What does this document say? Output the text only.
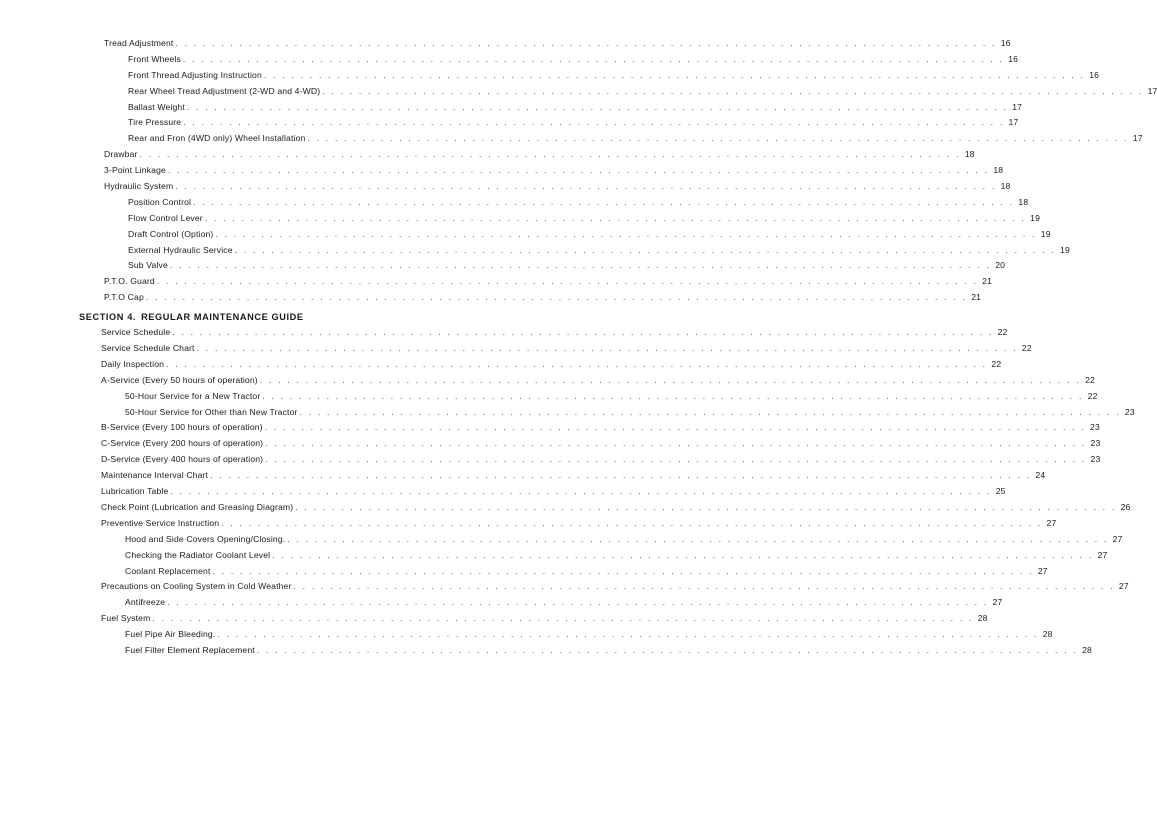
Tread Adjustment . . . . . . . . . . . . . . . . . . . . . . . . . . . . . . . . . . . . . . . . . . . . . . . . . . . . . . . . . . . . . . . . . . . . . . . . . . . . . . . . . . . . . . . . . . 16
Front Wheels . . . . . . . . . . . . . . . . . . . . . . . . . . . . . . . . . . . . . . . . . . . . . . . . . . . . . . . . . . . . . . . . . . . . . . . . . . . . . . . . . . . . . . . . . . 16
Front Thread Adjusting Instruction . . . . . . . . . . . . . . . . . . . . . . . . . . . . . . . . . . . . . . . . . . . . . . . . . . . . . . . . . . . . . . . . . . . . . . . . . . . . . . . . . . . . . . . . . . 16
Rear Wheel Tread Adjustment (2-WD and 4-WD) . . . . . . . . . . . . . . . . . . . . . . . . . . . . . . . . . . . . . . . . . . . . . . . . . . . . . . . . . . . . . . . . . . . . . . . . . . . . . . . . . . . . . . . . . . 17
Ballast Weight . . . . . . . . . . . . . . . . . . . . . . . . . . . . . . . . . . . . . . . . . . . . . . . . . . . . . . . . . . . . . . . . . . . . . . . . . . . . . . . . . . . . . . . . . . 17
Tire Pressure . . . . . . . . . . . . . . . . . . . . . . . . . . . . . . . . . . . . . . . . . . . . . . . . . . . . . . . . . . . . . . . . . . . . . . . . . . . . . . . . . . . . . . . . . . 17
Rear and Fron (4WD only) Wheel Installation . . . . . . . . . . . . . . . . . . . . . . . . . . . . . . . . . . . . . . . . . . . . . . . . . . . . . . . . . . . . . . . . . . . . . . . . . . . . . . . . . . . . . . . . . . 17
Drawbar . . . . . . . . . . . . . . . . . . . . . . . . . . . . . . . . . . . . . . . . . . . . . . . . . . . . . . . . . . . . . . . . . . . . . . . . . . . . . . . . . . . . . . . . . . 18
3-Point Linkage . . . . . . . . . . . . . . . . . . . . . . . . . . . . . . . . . . . . . . . . . . . . . . . . . . . . . . . . . . . . . . . . . . . . . . . . . . . . . . . . . . . . . . . . . . 18
Hydraulic System . . . . . . . . . . . . . . . . . . . . . . . . . . . . . . . . . . . . . . . . . . . . . . . . . . . . . . . . . . . . . . . . . . . . . . . . . . . . . . . . . . . . . . . . . . 18
Position Control . . . . . . . . . . . . . . . . . . . . . . . . . . . . . . . . . . . . . . . . . . . . . . . . . . . . . . . . . . . . . . . . . . . . . . . . . . . . . . . . . . . . . . . . . . 18
Flow Control Lever . . . . . . . . . . . . . . . . . . . . . . . . . . . . . . . . . . . . . . . . . . . . . . . . . . . . . . . . . . . . . . . . . . . . . . . . . . . . . . . . . . . . . . . . . . 19
Draft Control (Option) . . . . . . . . . . . . . . . . . . . . . . . . . . . . . . . . . . . . . . . . . . . . . . . . . . . . . . . . . . . . . . . . . . . . . . . . . . . . . . . . . . . . . . . . . . 19
External Hydraulic Service . . . . . . . . . . . . . . . . . . . . . . . . . . . . . . . . . . . . . . . . . . . . . . . . . . . . . . . . . . . . . . . . . . . . . . . . . . . . . . . . . . . . . . . . . . 19
Sub Valve . . . . . . . . . . . . . . . . . . . . . . . . . . . . . . . . . . . . . . . . . . . . . . . . . . . . . . . . . . . . . . . . . . . . . . . . . . . . . . . . . . . . . . . . . . 20
P.T.O. Guard . . . . . . . . . . . . . . . . . . . . . . . . . . . . . . . . . . . . . . . . . . . . . . . . . . . . . . . . . . . . . . . . . . . . . . . . . . . . . . . . . . . . . . . . . . 21
P.T.O Cap . . . . . . . . . . . . . . . . . . . . . . . . . . . . . . . . . . . . . . . . . . . . . . . . . . . . . . . . . . . . . . . . . . . . . . . . . . . . . . . . . . . . . . . . . . 21
SECTION 4. REGULAR MAINTENANCE GUIDE
Service Schedule . . . . . . . . . . . . . . . . . . . . . . . . . . . . . . . . . . . . . . . . . . . . . . . . . . . . . . . . . . . . . . . . . . . . . . . . . . . . . . . . . . . . . . . . . . 22
Service Schedule Chart . . . . . . . . . . . . . . . . . . . . . . . . . . . . . . . . . . . . . . . . . . . . . . . . . . . . . . . . . . . . . . . . . . . . . . . . . . . . . . . . . . . . . . . . . . 22
Daily Inspection . . . . . . . . . . . . . . . . . . . . . . . . . . . . . . . . . . . . . . . . . . . . . . . . . . . . . . . . . . . . . . . . . . . . . . . . . . . . . . . . . . . . . . . . . . 22
A-Service (Every 50 hours of operation) . . . . . . . . . . . . . . . . . . . . . . . . . . . . . . . . . . . . . . . . . . . . . . . . . . . . . . . . . . . . . . . . . . . . . . . . . . . . . . . . . . . . . . . . . . 22
50-Hour Service for a New Tractor . . . . . . . . . . . . . . . . . . . . . . . . . . . . . . . . . . . . . . . . . . . . . . . . . . . . . . . . . . . . . . . . . . . . . . . . . . . . . . . . . . . . . . . . . . 22
50-Hour Service for Other than New Tractor . . . . . . . . . . . . . . . . . . . . . . . . . . . . . . . . . . . . . . . . . . . . . . . . . . . . . . . . . . . . . . . . . . . . . . . . . . . . . . . . . . . . . . . . . . 23
B-Service (Every 100 hours of operation) . . . . . . . . . . . . . . . . . . . . . . . . . . . . . . . . . . . . . . . . . . . . . . . . . . . . . . . . . . . . . . . . . . . . . . . . . . . . . . . . . . . . . . . . . . 23
C-Service (Every 200 hours of operation) . . . . . . . . . . . . . . . . . . . . . . . . . . . . . . . . . . . . . . . . . . . . . . . . . . . . . . . . . . . . . . . . . . . . . . . . . . . . . . . . . . . . . . . . . . 23
D-Service (Every 400 hours of operation) . . . . . . . . . . . . . . . . . . . . . . . . . . . . . . . . . . . . . . . . . . . . . . . . . . . . . . . . . . . . . . . . . . . . . . . . . . . . . . . . . . . . . . . . . . 23
Maintenance Interval Chart . . . . . . . . . . . . . . . . . . . . . . . . . . . . . . . . . . . . . . . . . . . . . . . . . . . . . . . . . . . . . . . . . . . . . . . . . . . . . . . . . . . . . . . . . . 24
Lubrication Table . . . . . . . . . . . . . . . . . . . . . . . . . . . . . . . . . . . . . . . . . . . . . . . . . . . . . . . . . . . . . . . . . . . . . . . . . . . . . . . . . . . . . . . . . . 25
Check Point (Lubrication and Greasing Diagram) . . . . . . . . . . . . . . . . . . . . . . . . . . . . . . . . . . . . . . . . . . . . . . . . . . . . . . . . . . . . . . . . . . . . . . . . . . . . . . . . . . . . . . . . . . 26
Preventive Service Instruction . . . . . . . . . . . . . . . . . . . . . . . . . . . . . . . . . . . . . . . . . . . . . . . . . . . . . . . . . . . . . . . . . . . . . . . . . . . . . . . . . . . . . . . . . . 27
Hood and Side Covers Opening/Closing. . . . . . . . . . . . . . . . . . . . . . . . . . . . . . . . . . . . . . . . . . . . . . . . . . . . . . . . . . . . . . . . . . . . . . . . . . . . . . . . . . . . . . . . . . . 27
Checking the Radiator Coolant Level . . . . . . . . . . . . . . . . . . . . . . . . . . . . . . . . . . . . . . . . . . . . . . . . . . . . . . . . . . . . . . . . . . . . . . . . . . . . . . . . . . . . . . . . . . 27
Coolant Replacement . . . . . . . . . . . . . . . . . . . . . . . . . . . . . . . . . . . . . . . . . . . . . . . . . . . . . . . . . . . . . . . . . . . . . . . . . . . . . . . . . . . . . . . . . . 27
Precautions on Cooling System in Cold Weather . . . . . . . . . . . . . . . . . . . . . . . . . . . . . . . . . . . . . . . . . . . . . . . . . . . . . . . . . . . . . . . . . . . . . . . . . . . . . . . . . . . . . . . . . . 27
Antifreeze . . . . . . . . . . . . . . . . . . . . . . . . . . . . . . . . . . . . . . . . . . . . . . . . . . . . . . . . . . . . . . . . . . . . . . . . . . . . . . . . . . . . . . . . . . 27
Fuel System . . . . . . . . . . . . . . . . . . . . . . . . . . . . . . . . . . . . . . . . . . . . . . . . . . . . . . . . . . . . . . . . . . . . . . . . . . . . . . . . . . . . . . . . . . 28
Fuel Pipe Air Bleeding. . . . . . . . . . . . . . . . . . . . . . . . . . . . . . . . . . . . . . . . . . . . . . . . . . . . . . . . . . . . . . . . . . . . . . . . . . . . . . . . . . . . . . . . . . . 28
Fuel Filter Element Replacement . . . . . . . . . . . . . . . . . . . . . . . . . . . . . . . . . . . . . . . . . . . . . . . . . . . . . . . . . . . . . . . . . . . . . . . . . . . . . . . . . . . . . . . . . . 28
